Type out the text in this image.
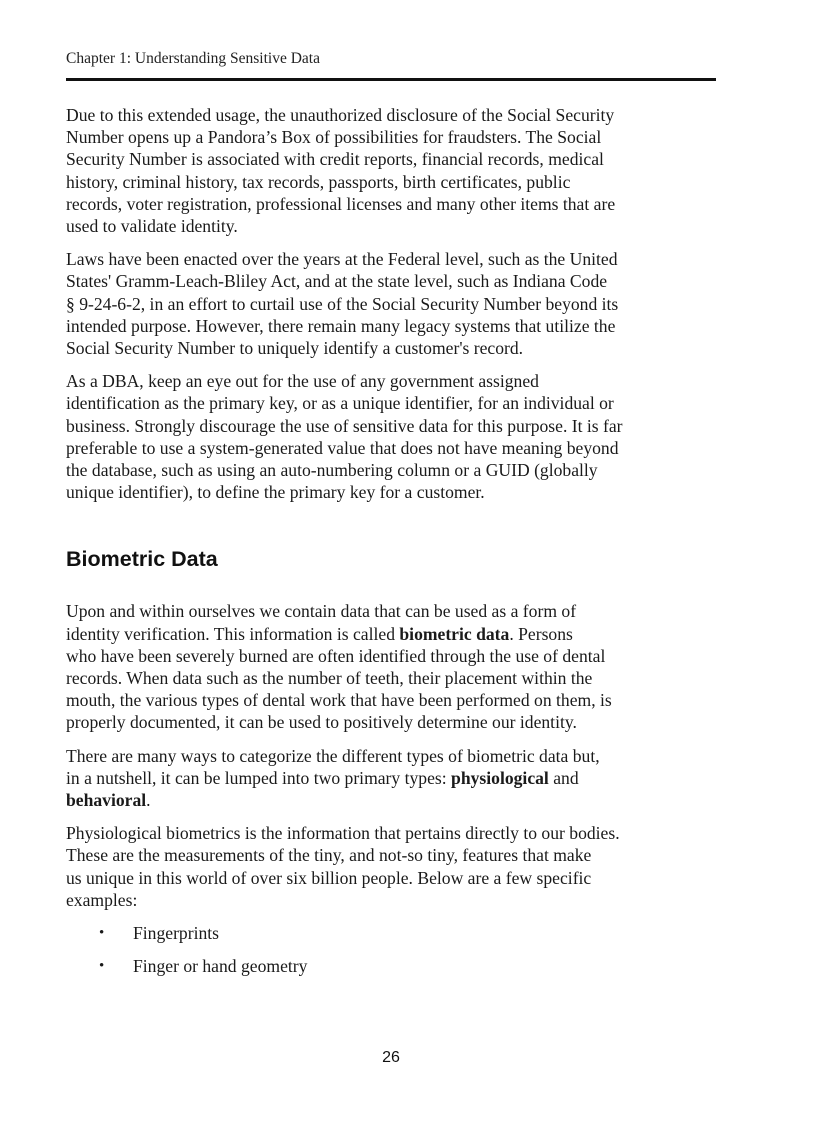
Chapter 1: Understanding Sensitive Data

Due to this extended usage, the unauthorized disclosure of the Social Security
Number opens up a Pandora’s Box of possibilities for fraudsters. The Social
Security Number is associated with credit reports, financial records, medical
history, criminal history, tax records, passports, birth certificates, public
records, voter registration, professional licenses and many other items that are
used to validate identity.

Laws have been enacted over the years at the Federal level, such as the United
States' Gramm-Leach-Bliley Act, and at the state level, such as Indiana Code
§ 9-24-6-2, in an effort to curtail use of the Social Security Number beyond its
intended purpose. However, there remain many legacy systems that utilize the
Social Security Number to uniquely identify a customer's record.

As a DBA, keep an eye out for the use of any government assigned
identification as the primary key, or as a unique identifier, for an individual or
business. Strongly discourage the use of sensitive data for this purpose. It is far
preferable to use a system-generated value that does not have meaning beyond
the database, such as using an auto-numbering column or a GUID (globally
unique identifier), to define the primary key for a customer.

Biometric Data

Upon and within ourselves we contain data that can be used as a form of
identity verification. This information is called biometric data. Persons
who have been severely burned are often identified through the use of dental
records. When data such as the number of teeth, their placement within the
mouth, the various types of dental work that have been performed on them, is
properly documented, it can be used to positively determine our identity.

There are many ways to categorize the different types of biometric data but,
in a nutshell, it can be lumped into two primary types: physiological and
behavioral.

Physiological biometrics is the information that pertains directly to our bodies.
These are the measurements of the tiny, and not-so tiny, features that make
us unique in this world of over six billion people. Below are a few specific
examples:

• Fingerprints
• Finger or hand geometry
26
